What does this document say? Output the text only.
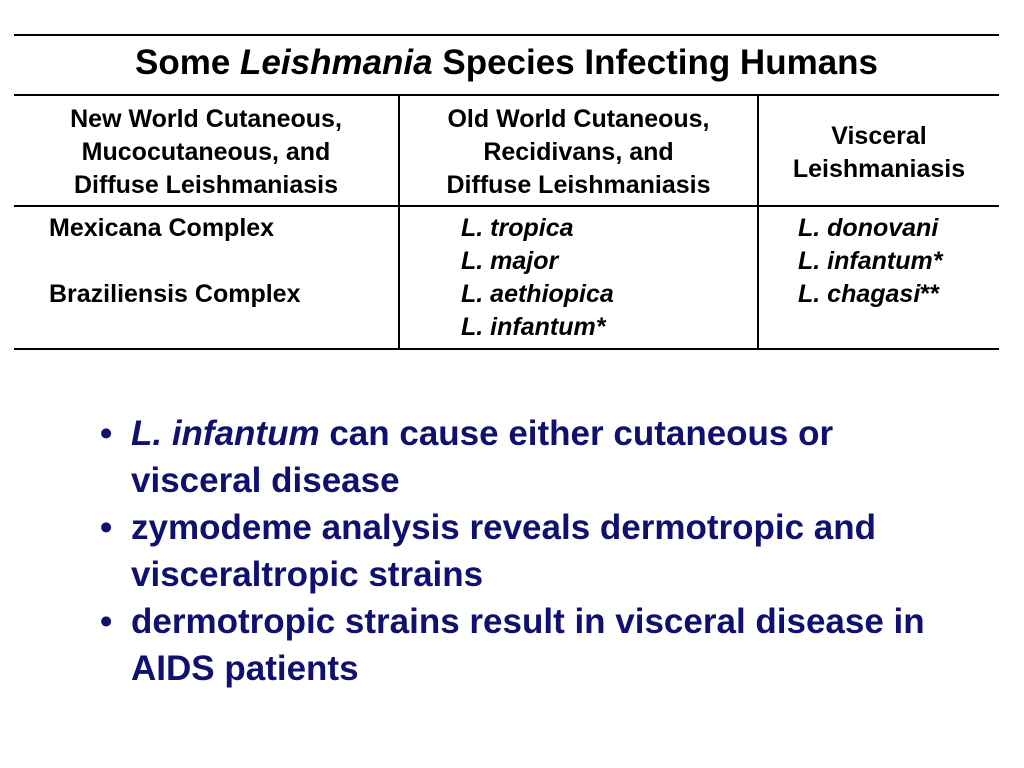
Some Leishmania Species Infecting Humans
New World Cutaneous,
Mucocutaneous, and
Diffuse Leishmaniasis
Old World Cutaneous,
Recidivans, and
Diffuse Leishmaniasis
Visceral
Leishmaniasis
Mexicana Complex
Braziliensis Complex
L. tropica
L. major
L. aethiopica
L. infantum*
L. donovani
L. infantum*
L. chagasi**
• L. infantum can cause either cutaneous or visceral disease
• zymodeme analysis reveals dermotropic and visceraltropic strains
• dermotropic strains result in visceral disease in AIDS patients
